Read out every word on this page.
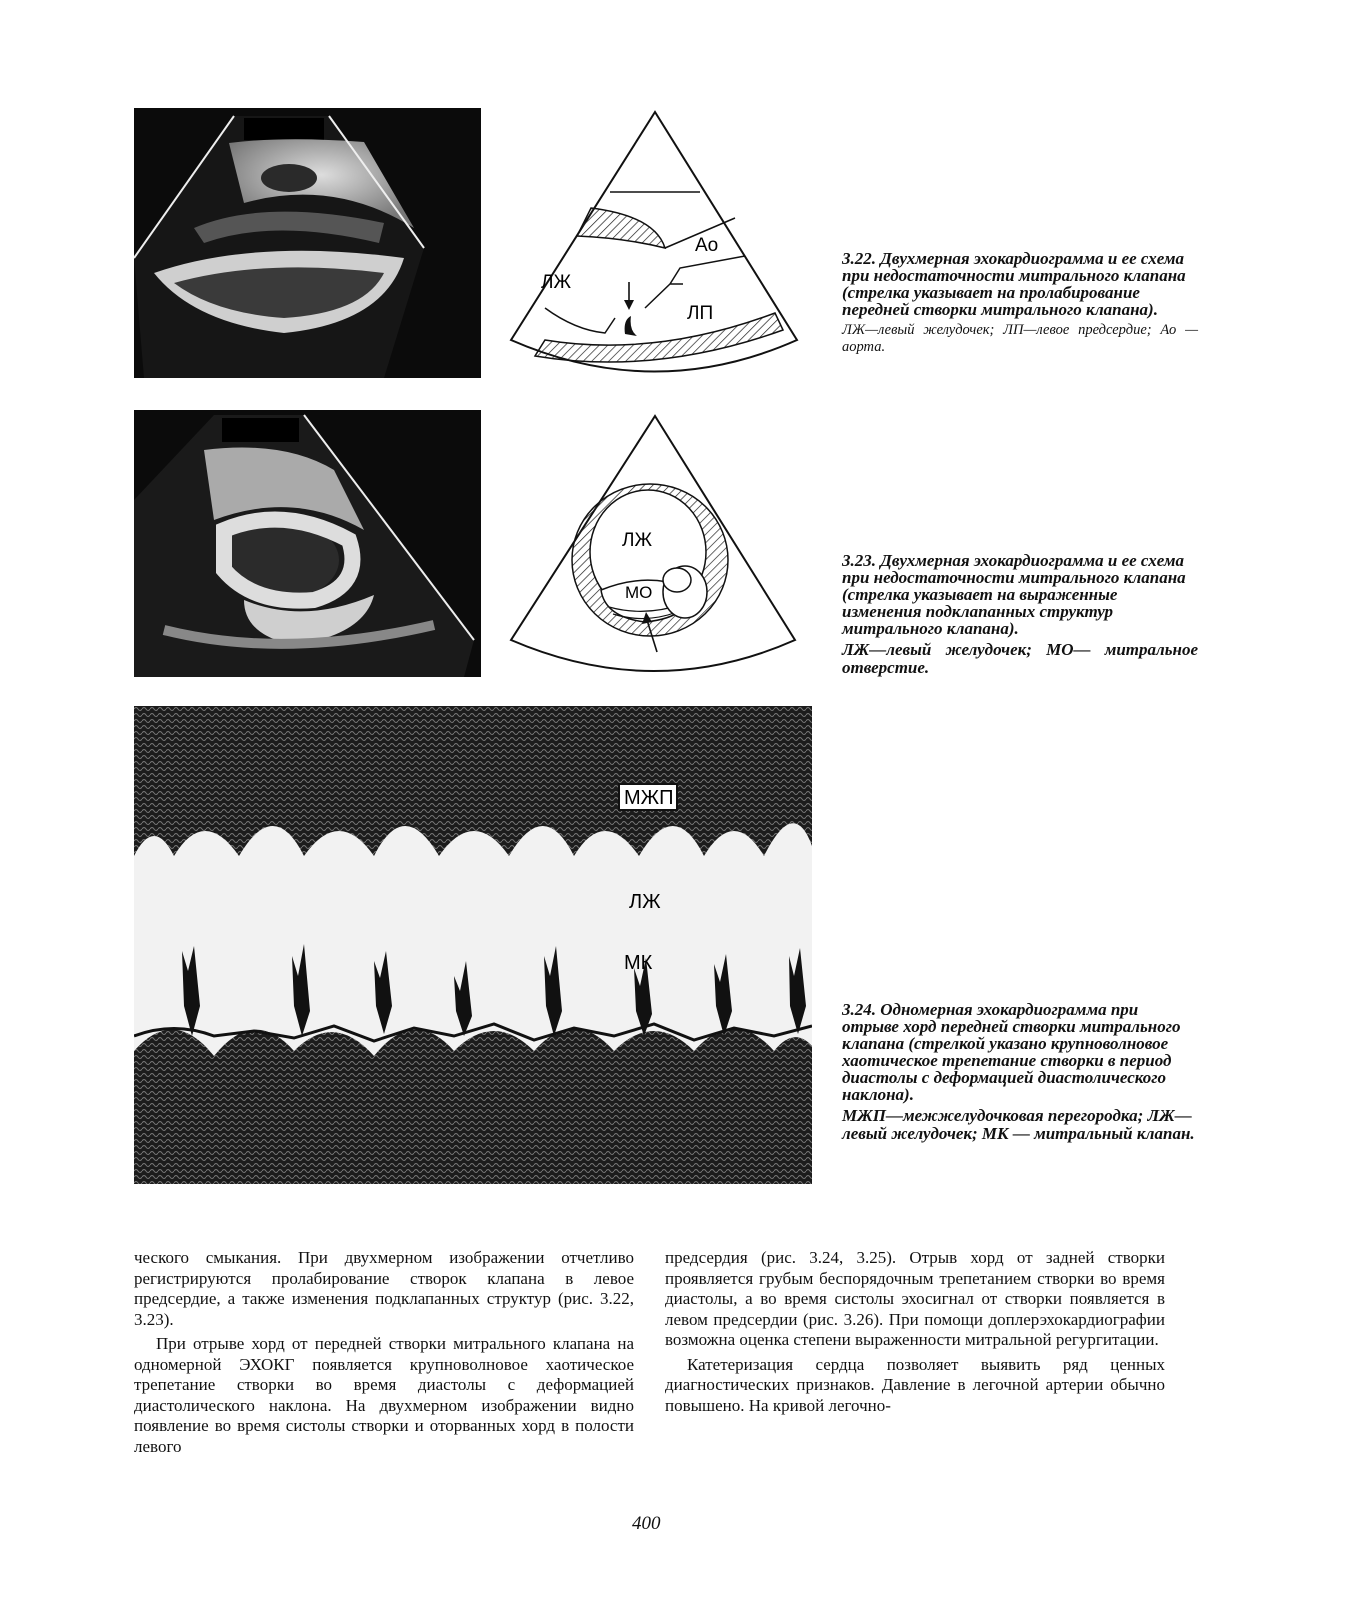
Ao
ЛЖ
ЛП
3.22. Двухмерная эхокардиограмма и ее схема при недостаточности митрального клапана (стрелка указывает на пролабирование передней створки митрального клапана).
ЛЖ—левый желудочек; ЛП—левое предсердие; Ао — аорта.
ЛЖ
МО
3.23. Двухмерная эхокардиограмма и ее схема при недостаточности митрального клапана (стрелка указывает на выраженные изменения подклапанных структур митрального клапана).
ЛЖ—левый желудочек; МО— митральное отверстие.
МЖП
ЛЖ
МК
3.24. Одномерная эхокардиограмма при отрыве хорд передней створки митрального клапана (стрелкой указано крупноволновое хаотическое трепетание створки в период диастолы с деформацией диастолического наклона).
МЖП—межжелудочковая перегородка; ЛЖ—левый желудочек; МК — митральный клапан.

ческого смыкания. При двухмерном изображении отчетливо регистрируются пролабирование створок клапана в левое предсердие, а также изменения подклапанных структур (рис. 3.22, 3.23).

При отрыве хорд от передней створки митрального клапана на одномерной ЭХОКГ появляется крупноволновое хаотическое трепетание створки во время диастолы с деформацией диастолического наклона. На двухмерном изображении видно появление во время систолы створки и оторванных хорд в полости левого

предсердия (рис. 3.24, 3.25). Отрыв хорд от задней створки проявляется грубым беспорядочным трепетанием створки во время диастолы, а во время систолы эхосигнал от створки появляется в левом предсердии (рис. 3.26). При помощи доплерэхокардиографии возможна оценка степени выраженности митральной регургитации.

Катетеризация сердца позволяет выявить ряд ценных диагностических признаков. Давление в легочной артерии обычно повышено. На кривой легочно-

400
